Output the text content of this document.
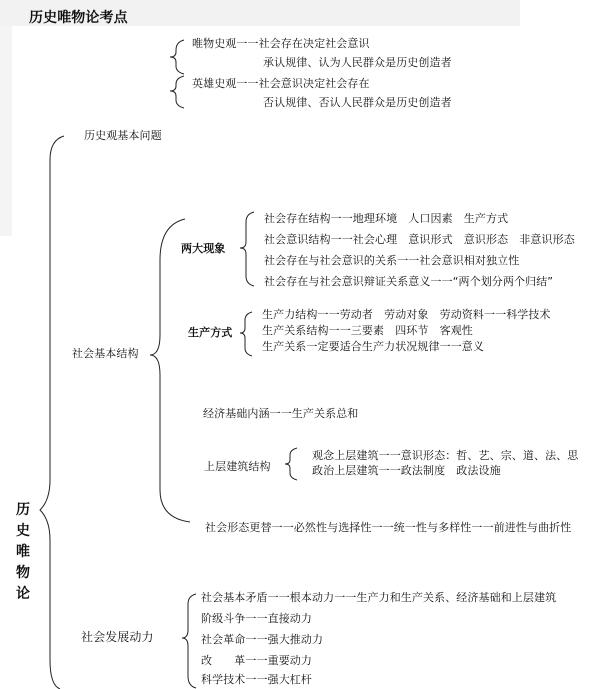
历史唯物论考点
唯物史观一一社会存在决定社会意识
承认规律、认为人民群众是历史创造者
英雄史观一一社会意识决定社会存在
否认规律、否认人民群众是历史创造者
历
史
唯
物
论
历史观基本问题
社会基本结构
社会发展动力
两大现象
社会存在结构一一地理环境　人口因素　生产方式
社会意识结构一一社会心理　意识形式　意识形态　非意识形态
社会存在与社会意识的关系一一社会意识相对独立性
社会存在与社会意识辩证关系意义一一“两个划分两个归结”
生产方式
生产力结构一一劳动者　劳动对象　劳动资料一一科学技术
生产关系结构一一三要素　四环节　客观性
生产关系一定要适合生产力状况规律一一意义
经济基础内涵一一生产关系总和
上层建筑结构
观念上层建筑一一意识形态：哲、艺、宗、道、法、思
政治上层建筑一一政法制度　政法设施
社会形态更替一一必然性与选择性一一统一性与多样性一一前进性与曲折性
社会基本矛盾一一根本动力一一生产力和生产关系、经济基础和上层建筑
阶级斗争一一直接动力
社会革命一一强大推动力
改　　革一一重要动力
科学技术一一强大杠杆
